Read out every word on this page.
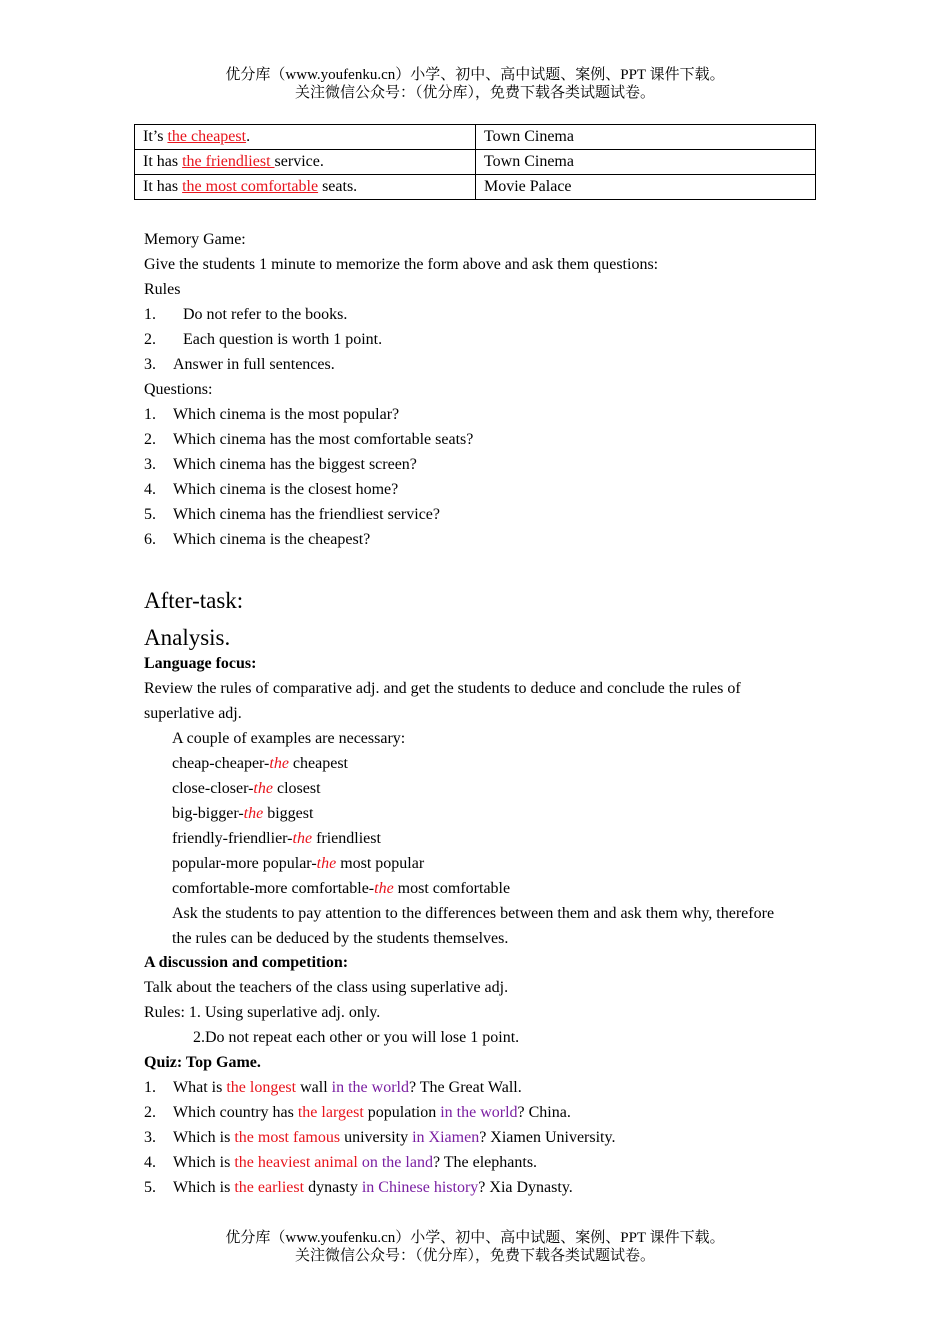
优分库（www.youfenku.cn）小学、初中、高中试题、案例、PPT 课件下载。
关注微信公众号：（优分库），免费下载各类试题试卷。
It’s the cheapest.	Town Cinema
It has the friendliest service.	Town Cinema
It has the most comfortable seats.	Movie Palace
Memory Game:
Give the students 1 minute to memorize the form above and ask them questions:
Rules
1. Do not refer to the books.
2. Each question is worth 1 point.
3. Answer in full sentences.
Questions:
1. Which cinema is the most popular?
2. Which cinema has the most comfortable seats?
3. Which cinema has the biggest screen?
4. Which cinema is the closest home?
5. Which cinema has the friendliest service?
6. Which cinema is the cheapest?
After-task:
Analysis.
Language focus:
Review the rules of comparative adj. and get the students to deduce and conclude the rules of
superlative adj.
A couple of examples are necessary:
cheap-cheaper-the cheapest
close-closer-the closest
big-bigger-the biggest
friendly-friendlier-the friendliest
popular-more popular-the most popular
comfortable-more comfortable-the most comfortable
Ask the students to pay attention to the differences between them and ask them why, therefore
the rules can be deduced by the students themselves.
A discussion and competition:
Talk about the teachers of the class using superlative adj.
Rules: 1. Using superlative adj. only.
2.Do not repeat each other or you will lose 1 point.
Quiz: Top Game.
1. What is the longest wall in the world? The Great Wall.
2. Which country has the largest population in the world? China.
3. Which is the most famous university in Xiamen? Xiamen University.
4. Which is the heaviest animal on the land? The elephants.
5. Which is the earliest dynasty in Chinese history? Xia Dynasty.
优分库（www.youfenku.cn）小学、初中、高中试题、案例、PPT 课件下载。
关注微信公众号：（优分库），免费下载各类试题试卷。
